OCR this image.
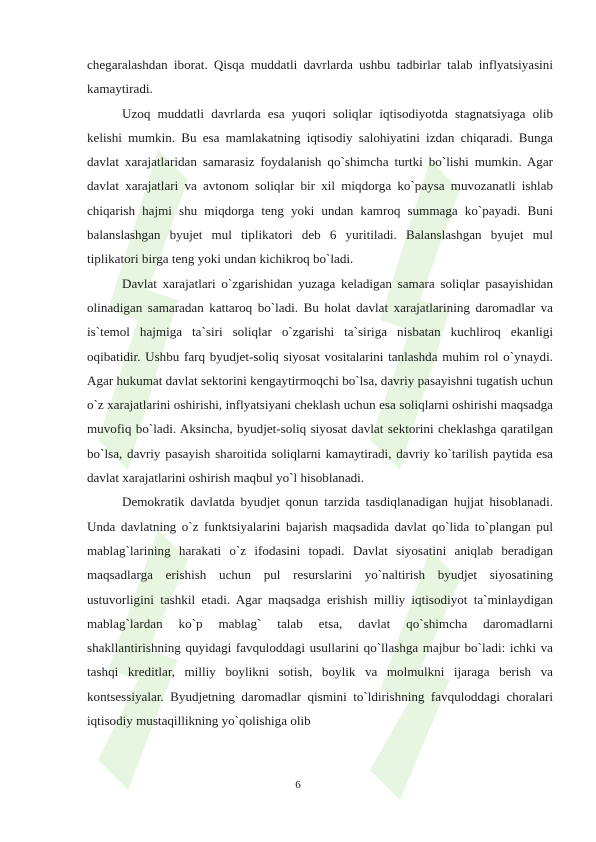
chegaralashdan iborat. Qisqa muddatli davrlarda ushbu tadbirlar talab inflyatsiyasini kamaytiradi.

Uzoq muddatli davrlarda esa yuqori soliqlar iqtisodiyotda stagnatsiyaga olib kelishi mumkin. Bu esa mamlakatning iqtisodiy salohiyatini izdan chiqaradi. Bunga davlat xarajatlaridan samarasiz foydalanish qo`shimcha turtki bo`lishi mumkin. Agar davlat xarajatlari va avtonom soliqlar bir xil miqdorga ko`paysa muvozanatli ishlab chiqarish hajmi shu miqdorga teng yoki undan kamroq summaga ko`payadi. Buni balanslashgan byujet mul tiplikatori deb 6 yuritiladi. Balanslashgan byujet mul tiplikatori birga teng yoki undan kichikroq bo`ladi.

Davlat xarajatlari o`zgarishidan yuzaga keladigan samara soliqlar pasayishidan olinadigan samaradan kattaroq bo`ladi. Bu holat davlat xarajatlarining daromadlar va is`temol hajmiga ta`siri soliqlar o`zgarishi ta`siriga nisbatan kuchliroq ekanligi oqibatidir. Ushbu farq byudjet-soliq siyosat vositalarini tanlashda muhim rol o`ynaydi. Agar hukumat davlat sektorini kengaytirmoqchi bo`lsa, davriy pasayishni tugatish uchun o`z xarajatlarini oshirishi, inflyatsiyani cheklash uchun esa soliqlarni oshirishi maqsadga muvofiq bo`ladi. Aksincha, byudjet-soliq siyosat davlat sektorini cheklashga qaratilgan bo`lsa, davriy pasayish sharoitida soliqlarni kamaytiradi, davriy ko`tarilish paytida esa davlat xarajatlarini oshirish maqbul yo`l hisoblanadi.

Demokratik davlatda byudjet qonun tarzida tasdiqlanadigan hujjat hisoblanadi. Unda davlatning o`z funktsiyalarini bajarish maqsadida davlat qo`lida to`plangan pul mablag`larining harakati o`z ifodasini topadi. Davlat siyosatini aniqlab beradigan maqsadlarga erishish uchun pul resurslarini yo`naltirish byudjet siyosatining ustuvorligini tashkil etadi. Agar maqsadga erishish milliy iqtisodiyot ta`minlaydigan mablag`lardan ko`p mablag` talab etsa, davlat qo`shimcha daromadlarni shakllantirishning quyidagi favquloddagi usullarini qo`llashga majbur bo`ladi: ichki va tashqi kreditlar, milliy boylikni sotish, boylik va molmulkni ijaraga berish va kontsessiyalar. Byudjetning daromadlar qismini to`ldirishning favquloddagi choralari iqtisodiy mustaqillikning yo`qolishiga olib

6
